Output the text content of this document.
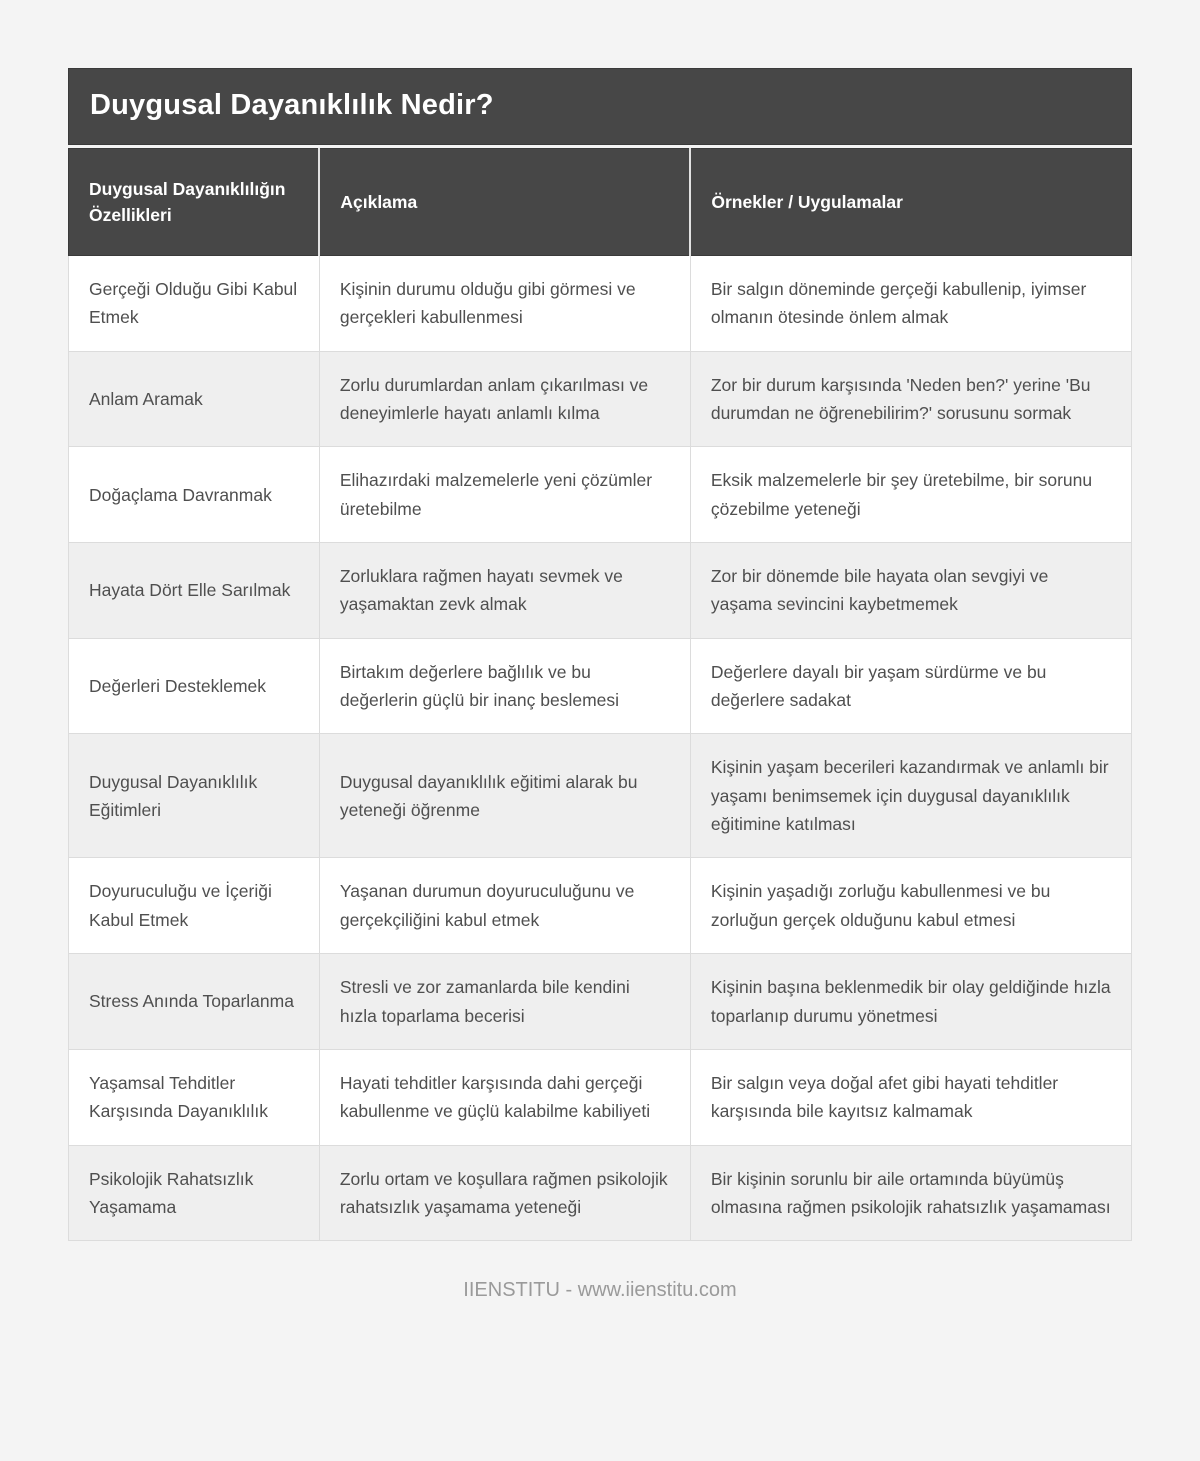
Duygusal Dayanıklılık Nedir?
Duygusal Dayanıklılığın Özellikleri	Açıklama	Örnekler / Uygulamalar
Gerçeği Olduğu Gibi Kabul Etmek	Kişinin durumu olduğu gibi görmesi ve gerçekleri kabullenmesi	Bir salgın döneminde gerçeği kabullenip, iyimser olmanın ötesinde önlem almak
Anlam Aramak	Zorlu durumlardan anlam çıkarılması ve deneyimlerle hayatı anlamlı kılma	Zor bir durum karşısında 'Neden ben?' yerine 'Bu durumdan ne öğrenebilirim?' sorusunu sormak
Doğaçlama Davranmak	Elihazırdaki malzemelerle yeni çözümler üretebilme	Eksik malzemelerle bir şey üretebilme, bir sorunu çözebilme yeteneği
Hayata Dört Elle Sarılmak	Zorluklara rağmen hayatı sevmek ve yaşamaktan zevk almak	Zor bir dönemde bile hayata olan sevgiyi ve yaşama sevincini kaybetmemek
Değerleri Desteklemek	Birtakım değerlere bağlılık ve bu değerlerin güçlü bir inanç beslemesi	Değerlere dayalı bir yaşam sürdürme ve bu değerlere sadakat
Duygusal Dayanıklılık Eğitimleri	Duygusal dayanıklılık eğitimi alarak bu yeteneği öğrenme	Kişinin yaşam becerileri kazandırmak ve anlamlı bir yaşamı benimsemek için duygusal dayanıklılık eğitimine katılması
Doyuruculuğu ve İçeriği Kabul Etmek	Yaşanan durumun doyuruculuğunu ve gerçekçiliğini kabul etmek	Kişinin yaşadığı zorluğu kabullenmesi ve bu zorluğun gerçek olduğunu kabul etmesi
Stress Anında Toparlanma	Stresli ve zor zamanlarda bile kendini hızla toparlama becerisi	Kişinin başına beklenmedik bir olay geldiğinde hızla toparlanıp durumu yönetmesi
Yaşamsal Tehditler Karşısında Dayanıklılık	Hayati tehditler karşısında dahi gerçeği kabullenme ve güçlü kalabilme kabiliyeti	Bir salgın veya doğal afet gibi hayati tehditler karşısında bile kayıtsız kalmamak
Psikolojik Rahatsızlık Yaşamama	Zorlu ortam ve koşullara rağmen psikolojik rahatsızlık yaşamama yeteneği	Bir kişinin sorunlu bir aile ortamında büyümüş olmasına rağmen psikolojik rahatsızlık yaşamaması
IIENSTITU - www.iienstitu.com
